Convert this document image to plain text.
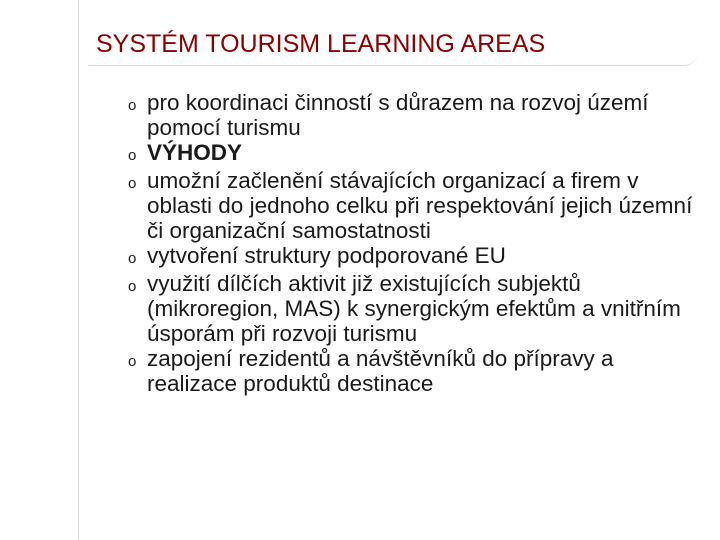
SYSTÉM TOURISM LEARNING AREAS
o pro koordinaci činností s důrazem na rozvoj území pomocí turismu
o VÝHODY
o umožní začlenění stávajících organizací a firem v oblasti do jednoho celku při respektování jejich územní či organizační samostatnosti
o vytvoření struktury podporované EU
o využití dílčích aktivit již existujících subjektů (mikroregion, MAS) k synergickým efektům a vnitřním úsporám při rozvoji turismu
o zapojení rezidentů a návštěvníků do přípravy a realizace produktů destinace
